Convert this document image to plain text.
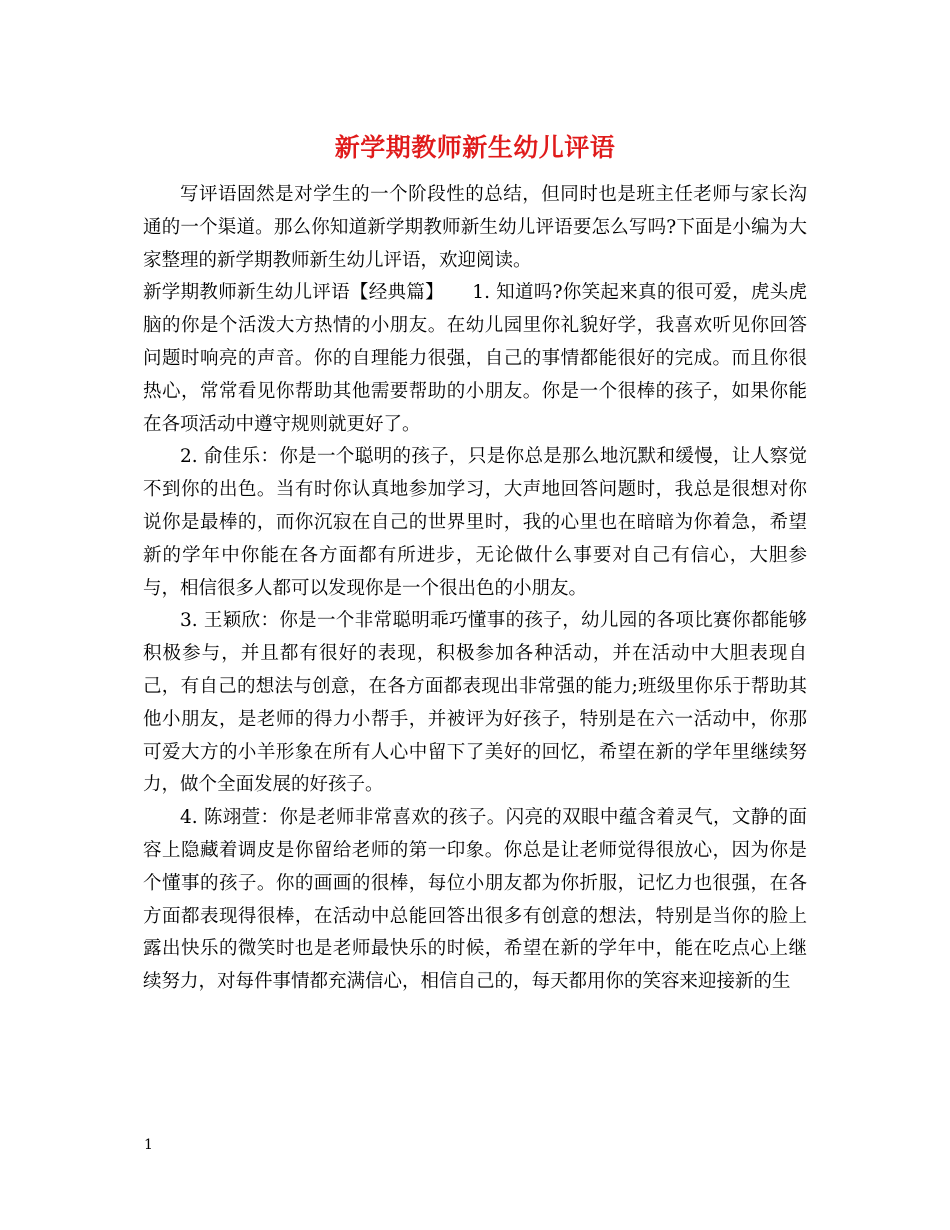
新学期教师新生幼儿评语

写评语固然是对学生的一个阶段性的总结，但同时也是班主任老师与家长沟通的一个渠道。那么你知道新学期教师新生幼儿评语要怎么写吗?下面是小编为大家整理的新学期教师新生幼儿评语，欢迎阅读。

新学期教师新生幼儿评语【经典篇】　　1. 知道吗?你笑起来真的很可爱，虎头虎脑的你是个活泼大方热情的小朋友。在幼儿园里你礼貌好学，我喜欢听见你回答问题时响亮的声音。你的自理能力很强，自己的事情都能很好的完成。而且你很热心，常常看见你帮助其他需要帮助的小朋友。你是一个很棒的孩子，如果你能在各项活动中遵守规则就更好了。

2. 俞佳乐：你是一个聪明的孩子，只是你总是那么地沉默和缓慢，让人察觉不到你的出色。当有时你认真地参加学习，大声地回答问题时，我总是很想对你说你是最棒的，而你沉寂在自己的世界里时，我的心里也在暗暗为你着急，希望新的学年中你能在各方面都有所进步，无论做什么事要对自己有信心，大胆参与，相信很多人都可以发现你是一个很出色的小朋友。

3. 王颖欣：你是一个非常聪明乖巧懂事的孩子，幼儿园的各项比赛你都能够积极参与，并且都有很好的表现，积极参加各种活动，并在活动中大胆表现自己，有自己的想法与创意，在各方面都表现出非常强的能力;班级里你乐于帮助其他小朋友，是老师的得力小帮手，并被评为好孩子，特别是在六一活动中，你那可爱大方的小羊形象在所有人心中留下了美好的回忆，希望在新的学年里继续努力，做个全面发展的好孩子。

4. 陈翊萱：你是老师非常喜欢的孩子。闪亮的双眼中蕴含着灵气，文静的面容上隐藏着调皮是你留给老师的第一印象。你总是让老师觉得很放心，因为你是个懂事的孩子。你的画画的很棒，每位小朋友都为你折服，记忆力也很强，在各方面都表现得很棒，在活动中总能回答出很多有创意的想法，特别是当你的脸上露出快乐的微笑时也是老师最快乐的时候，希望在新的学年中，能在吃点心上继续努力，对每件事情都充满信心，相信自己的，每天都用你的笑容来迎接新的生

1
